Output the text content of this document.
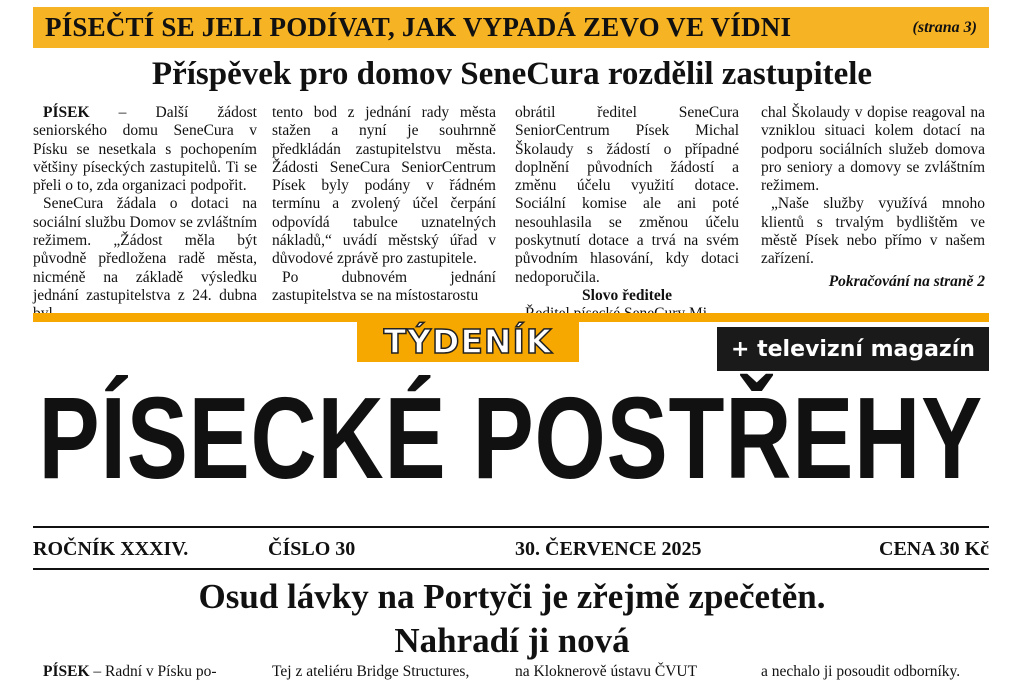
PÍSEČTÍ SE JELI PODÍVAT, JAK VYPADÁ ZEVO VE VÍDNI	(strana 3)
Příspěvek pro domov SeneCura rozdělil zastupitele

PÍSEK – Další žádost seniorského domu SeneCura v Písku se nesetkala s pochopením většiny píseckých zastupitelů. Ti se přeli o to, zda organizaci podpořit.

SeneCura žádala o dotaci na sociální službu Domov se zvláštním režimem. „Žádost měla být původně předložena radě města, nicméně na základě výsledku jednání zastupitelstva z 24. dubna

tento bod z jednání rady města stažen a nyní je souhrnně předkládán zastupitelstvu města. Žádosti SeneCura SeniorCentrum Písek byly podány v řádném termínu a zvolený účel čerpání odpovídá tabulce uznatelných nákladů,“ uvádí městský úřad v důvodové zprávě pro zastupitele.

Po dubnovém jednání zastupitelstva se na místostarostu

obrátil ředitel SeneCura SeniorCentrum Písek Michal Školaudy s žádostí o případné doplnění původních žádostí a změnu účelu využití dotace. Sociální komise ale ani poté nesouhlasila se změnou účelu poskytnutí dotace a trvá na svém původním hlasování, kdy dotaci nedoporučila.

Slovo ředitele

chal Školaudy v dopise reagoval na vzniklou situaci kolem dotací na podporu sociálních služeb domova pro seniory a domovy se zvláštním režimem.

„Naše služby využívá mnoho klientů s trvalým bydlištěm ve městě Písek nebo přímo v našem zařízení.

Pokračování na straně 2

TÝDENÍK	+ televizní magazín
PÍSECKÉ POSTŘEHY
ROČNÍK XXXIV.	ČÍSLO 30	30. ČERVENCE 2025	CENA 30 Kč
Osud lávky na Portyči je zřejmě zpečetěn.
Nahradí ji nová
PÍSEK – Radní v Písku po-	Tej z ateliéru Bridge Structures,	na Kloknerově ústavu ČVUT	a nechalo ji posoudit odborníky.
